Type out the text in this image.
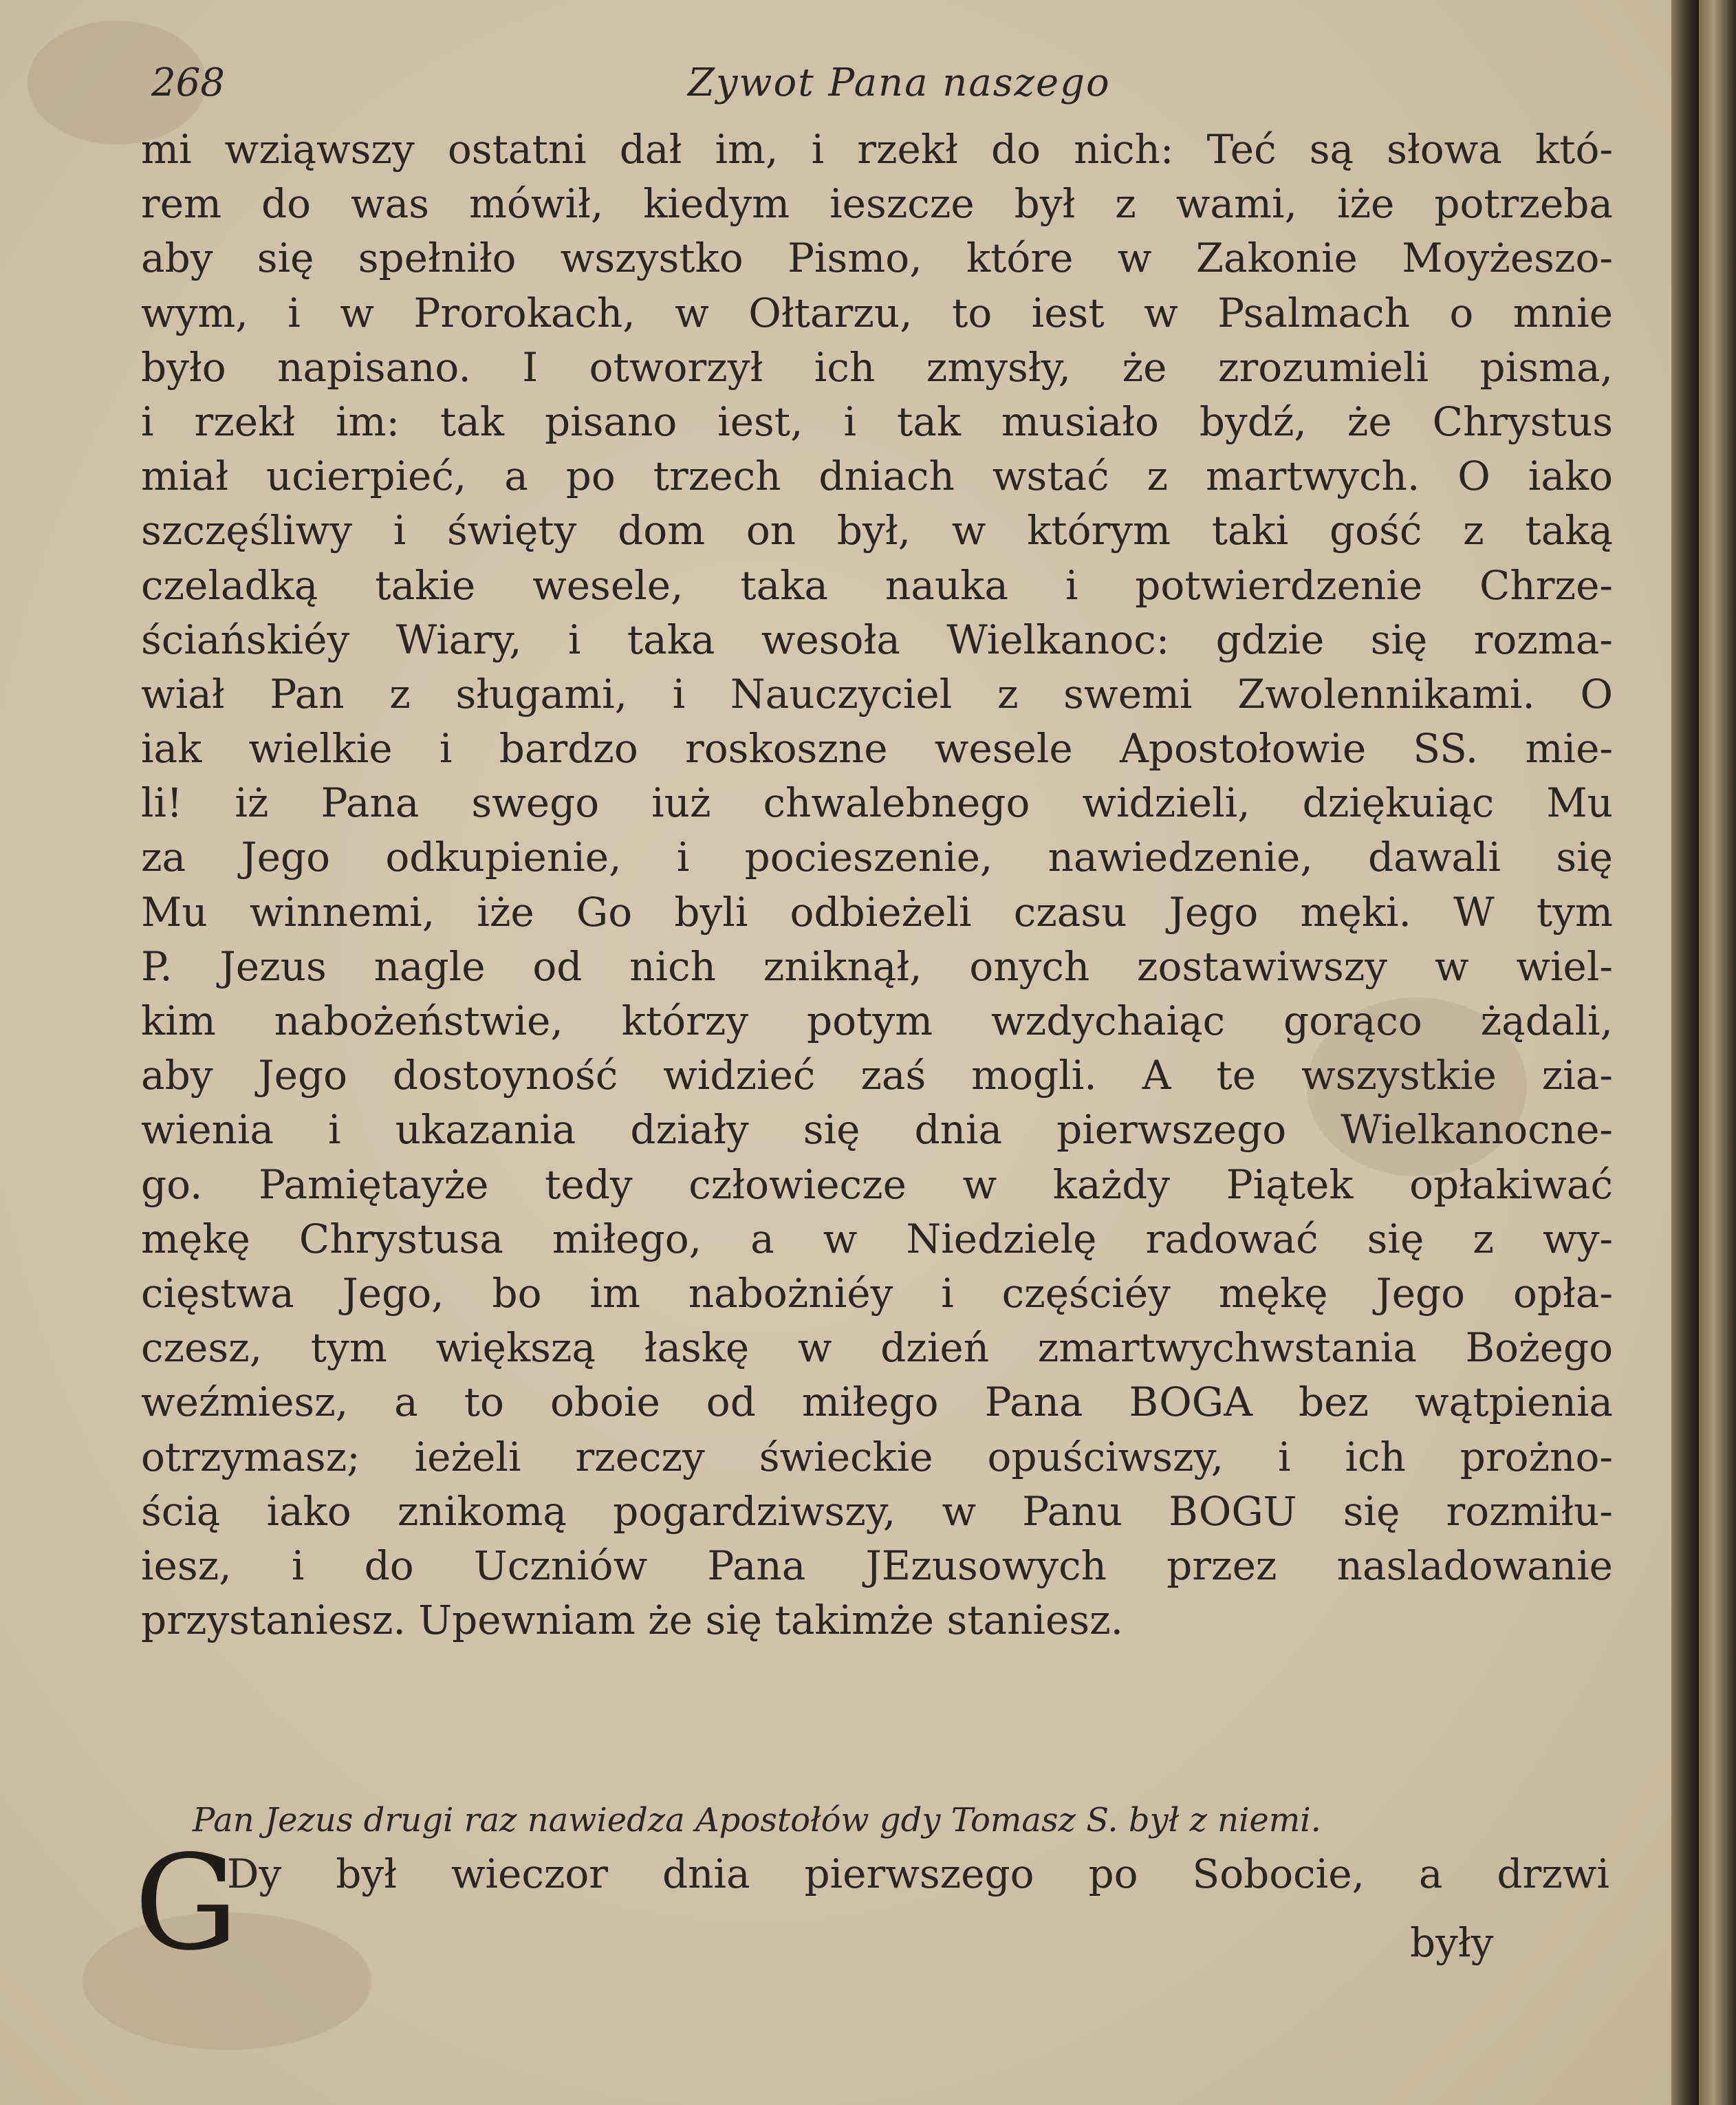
268	Zywot Pana naszego
mi wziąwszy ostatni dał im, i rzekł do nich: Teć są słowa któ-
rem do was mówił, kiedym ieszcze był z wami, iże potrzeba
aby się spełniło wszystko Pismo, które w Zakonie Moyżeszo-
wym, i w Prorokach, w Ołtarzu, to iest w Psalmach o mnie
było napisano. I otworzył ich zmysły, że zrozumieli pisma,
i rzekł im: tak pisano iest, i tak musiało bydź, że Chrystus
miał ucierpieć, a po trzech dniach wstać z martwych. O iako
szczęśliwy i święty dom on był, w którym taki gość z taką
czeladką takie wesele, taka nauka i potwierdzenie Chrze-
ściańskiéy Wiary, i taka wesoła Wielkanoc: gdzie się rozma-
wiał Pan z sługami, i Nauczyciel z swemi Zwolennikami. O
iak wielkie i bardzo roskoszne wesele Apostołowie SS. mie-
li! iż Pana swego iuż chwalebnego widzieli, dziękuiąc Mu
za Jego odkupienie, i pocieszenie, nawiedzenie, dawali się
Mu winnemi, iże Go byli odbieżeli czasu Jego męki. W tym
P. Jezus nagle od nich zniknął, onych zostawiwszy w wiel-
kim nabożeństwie, którzy potym wzdychaiąc gorąco żądali,
aby Jego dostoyność widzieć zaś mogli. A te wszystkie zia-
wienia i ukazania działy się dnia pierwszego Wielkanocne-
go. Pamiętayże tedy człowiecze w każdy Piątek opłakiwać
mękę Chrystusa miłego, a w Niedzielę radować się z wy-
cięstwa Jego, bo im nabożniéy i częściéy mękę Jego opła-
czesz, tym większą łaskę w dzień zmartwychwstania Bożego
weźmiesz, a to oboie od miłego Pana BOGA bez wątpienia
otrzymasz; ieżeli rzeczy świeckie opuściwszy, i ich prożno-
ścią iako znikomą pogardziwszy, w Panu BOGU się rozmiłu-
iesz, i do Uczniów Pana JEzusowych przez nasladowanie
przystaniesz. Upewniam że się takimże staniesz.
Pan Jezus drugi raz nawiedza Apostołów gdy Tomasz S. był z niemi.
G
Dy był wieczor dnia pierwszego po Sobocie, a drzwi
były
